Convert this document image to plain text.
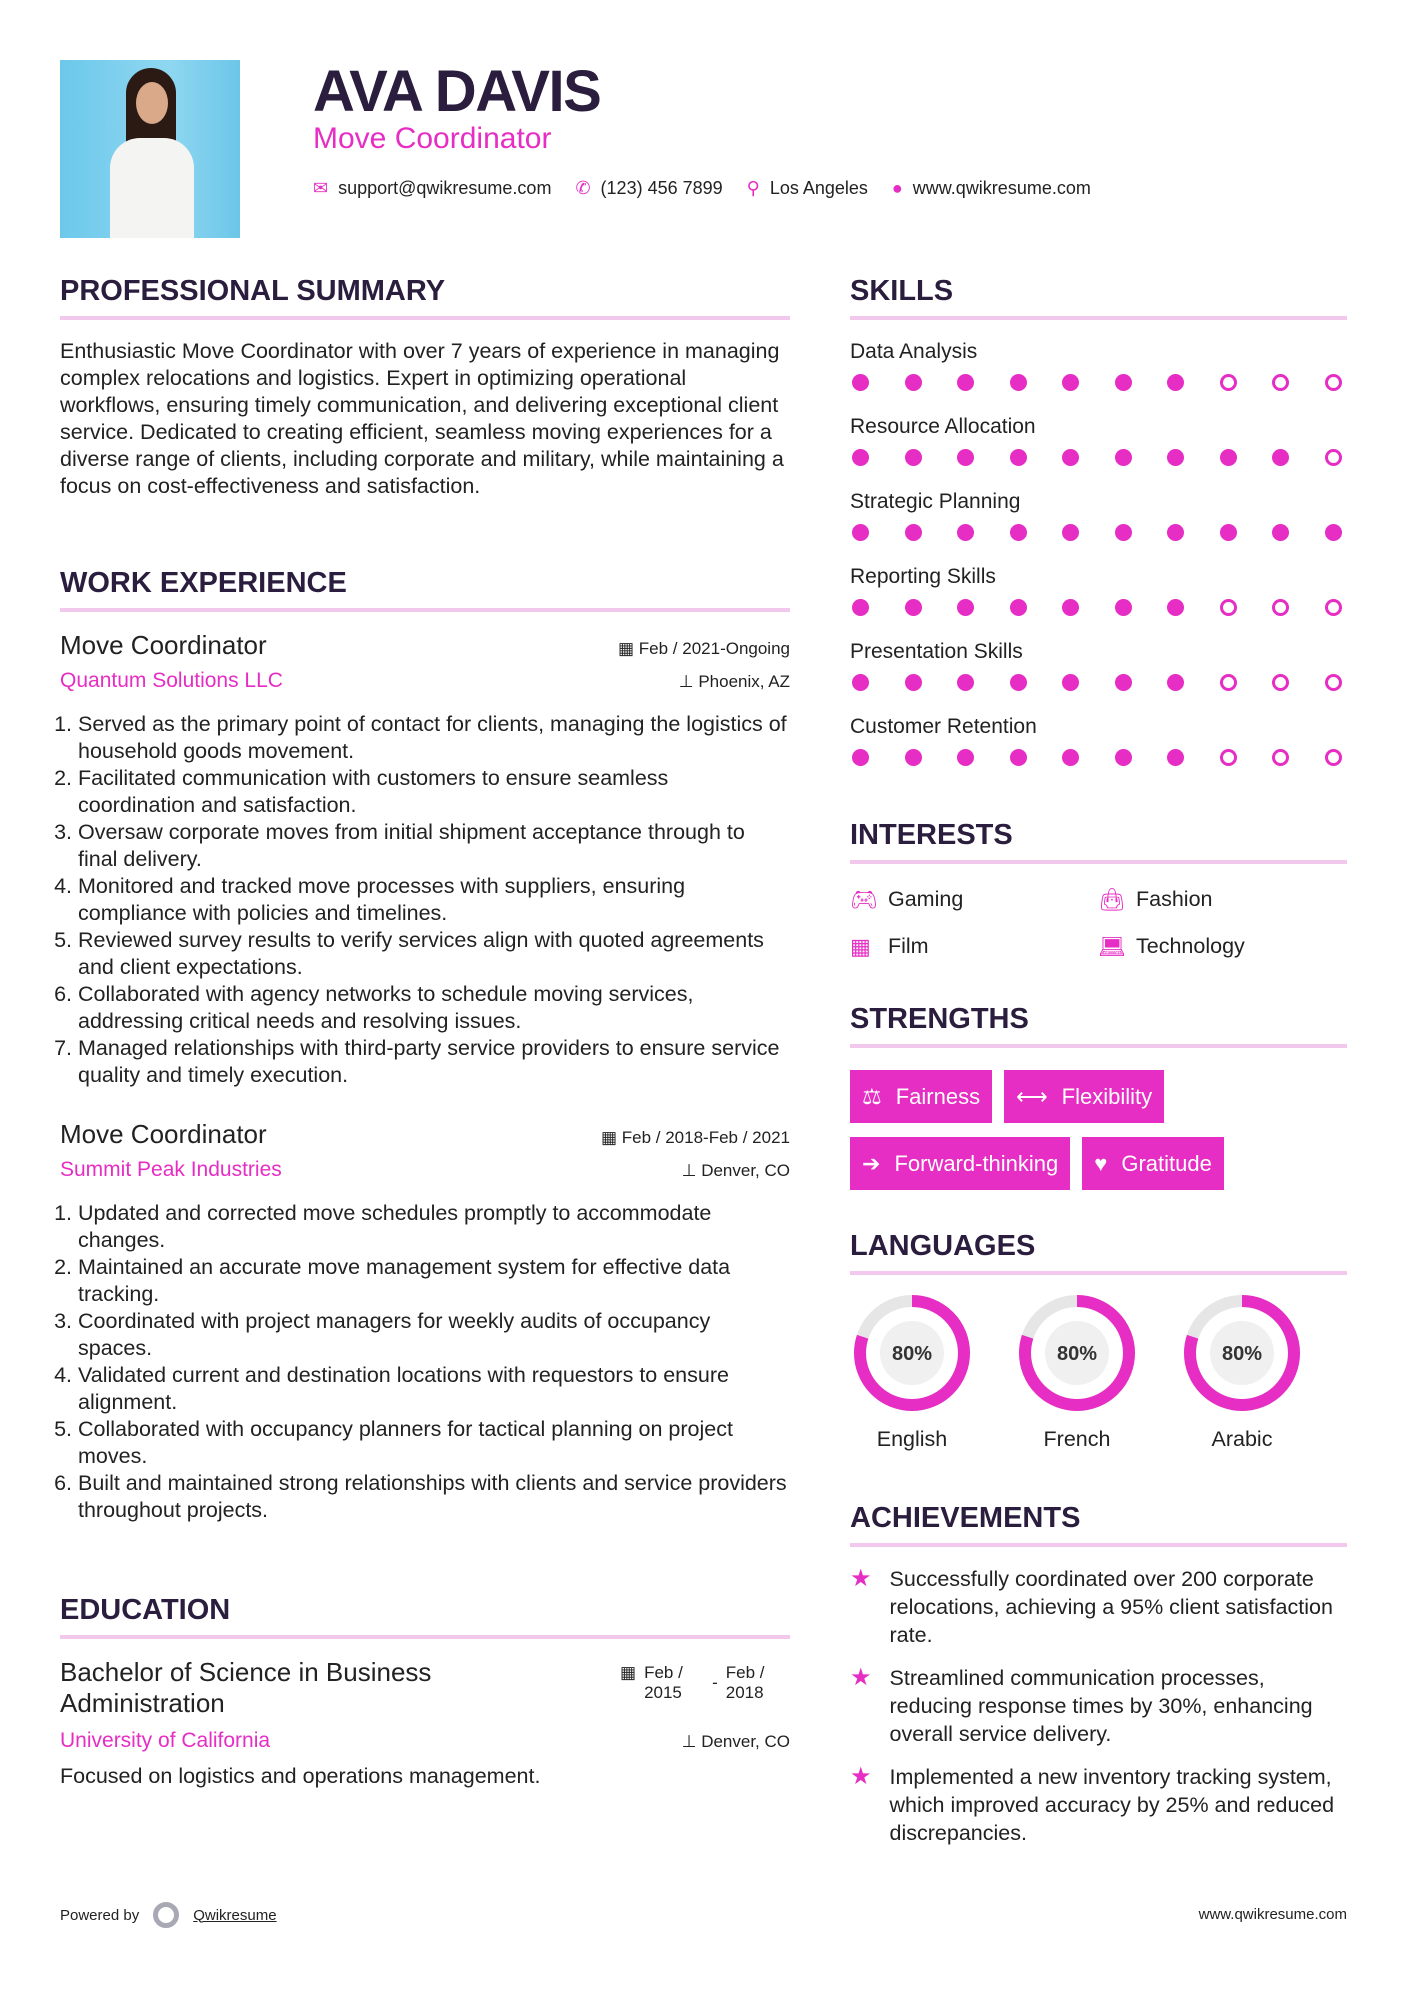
AVA DAVIS
Move Coordinator
✉ support@qwikresume.com ✆ (123) 456 7899 ⚲ Los Angeles ● www.qwikresume.com
PROFESSIONAL SUMMARY

Enthusiastic Move Coordinator with over 7 years of experience in managing complex relocations and logistics. Expert in optimizing operational workflows, ensuring timely communication, and delivering exceptional client service. Dedicated to creating efficient, seamless moving experiences for a diverse range of clients, including corporate and military, while maintaining a focus on cost-effectiveness and satisfaction.

WORK EXPERIENCE
Move Coordinator	▦ Feb / 2021-Ongoing
Quantum Solutions LLC	⊥ Phoenix, AZ
1. Served as the primary point of contact for clients, managing the logistics of household goods movement.
2. Facilitated communication with customers to ensure seamless coordination and satisfaction.
3. Oversaw corporate moves from initial shipment acceptance through to final delivery.
4. Monitored and tracked move processes with suppliers, ensuring compliance with policies and timelines.
5. Reviewed survey results to verify services align with quoted agreements and client expectations.
6. Collaborated with agency networks to schedule moving services, addressing critical needs and resolving issues.
7. Managed relationships with third-party service providers to ensure service quality and timely execution.
Move Coordinator	▦ Feb / 2018-Feb / 2021
Summit Peak Industries	⊥ Denver, CO
1. Updated and corrected move schedules promptly to accommodate changes.
2. Maintained an accurate move management system for effective data tracking.
3. Coordinated with project managers for weekly audits of occupancy spaces.
4. Validated current and destination locations with requestors to ensure alignment.
5. Collaborated with occupancy planners for tactical planning on project moves.
6. Built and maintained strong relationships with clients and service providers throughout projects.
EDUCATION
Bachelor of Science in Business Administration
▦ Feb / 2015
-
Feb / 2018
University of California	⊥ Denver, CO

Focused on logistics and operations management.

SKILLS
Data Analysis
Resource Allocation
Strategic Planning
Reporting Skills
Presentation Skills
Customer Retention
INTERESTS
🎮︎ Gaming	👜︎ Fashion
▦ Film	💻︎ Technology
STRENGTHS
⚖ Fairness ⟷ Flexibility

➔ Forward-thinking ♥ Gratitude
LANGUAGES
80%
English
80%
French
80%
Arabic
ACHIEVEMENTS
★ Successfully coordinated over 200 corporate relocations, achieving a 95% client satisfaction rate.
★ Streamlined communication processes, reducing response times by 30%, enhancing overall service delivery.
★ Implemented a new inventory tracking system, which improved accuracy by 25% and reduced discrepancies.
Powered by	Qwikresume	www.qwikresume.com
